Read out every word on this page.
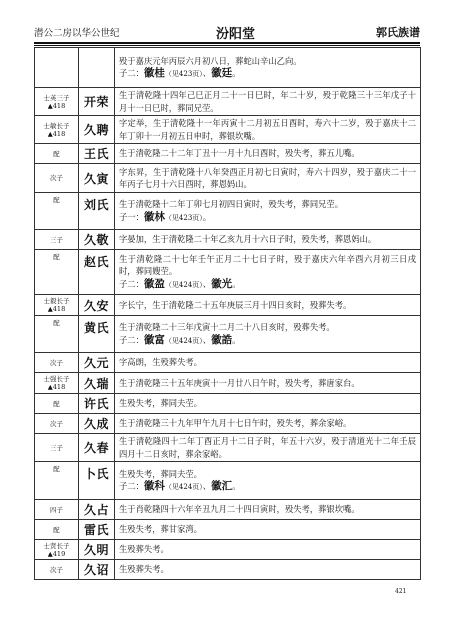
潜公二房以华公世纪	汾阳堂	郭氏族谱

		殁于嘉庆元年丙辰六月初八日，葬蛇山辛山乙向。
子二：徽桂（见423页）、徽廷。

士英三子
▲418	开荣	生于清乾隆十四年己巳正月二十一日巳时，年二十岁，殁于乾隆三十三年戊子十月十一日巳时，葬同兄茔。

士敏长子
▲418	久聘	字定举，生于清乾隆十一年丙寅十二月初五日酉时，寿六十二岁，殁于嘉庆十二年丁卯十一月初五日申时，葬银坎嘴。

配	王氏	生于清乾隆二十二年丁丑十一月十九日酉时，殁失考，葬五儿嘴。

次子	久寅	字东昇，生于清乾隆十八年癸酉正月初七日寅时，寿六十四岁，殁于嘉庆二十一年丙子七月十六日酉时，葬恩妈山。

配	刘氏	生于清乾隆十二年丁卯七月初四日寅时，殁失考，葬同兄茔。
子一：徽林（见423页）。

三子	久敬	字晏加，生于清乾隆二十年乙亥九月十六日子时，殁失考，葬恩妈山。

配	赵氏	生于清乾隆二十七年壬午正月二十七日子时，殁于嘉庆六年辛酉六月初三日戌时，葬同嫂茔。
子二：徽盈（见424页）、徽光。

士毅长子
▲418	久安	字长宁，生于清乾隆二十五年庚辰三月十四日亥时，殁葬失考。

配	黄氏	生于清乾隆二十三年戊寅十二月二十八日亥时，殁葬失考。
子二：徽富（见424页）、徽誥。

次子	久元	字高朗，生殁葬失考。

士强长子
▲418	久瑞	生于清乾隆三十五年庚寅十一月廿八日午时，殁失考，葬唐家台。

配	许氏	生殁失考，葬同夫茔。

次子	久成	生于清乾隆三十九年甲午九月十七日午时，殁失考，葬余家峪。

三子	久春	生于清乾隆四十二年丁酉正月十二日子时，年五十六岁，殁于清道光十二年壬辰四月十二日亥时，葬余家峪。

配	卜氏	生殁失考，葬同夫茔。
子二：徽科（见424页）、徽汇。

四子	久占	生于肖乾隆四十六年辛丑九月二十四日寅时，殁失考，葬银坎嘴。

配	雷氏	生殁失考，葬甘家湾。

士贤长子
▲419	久明	生殁葬失考。

次子	久诏	生殁葬失考。
421
